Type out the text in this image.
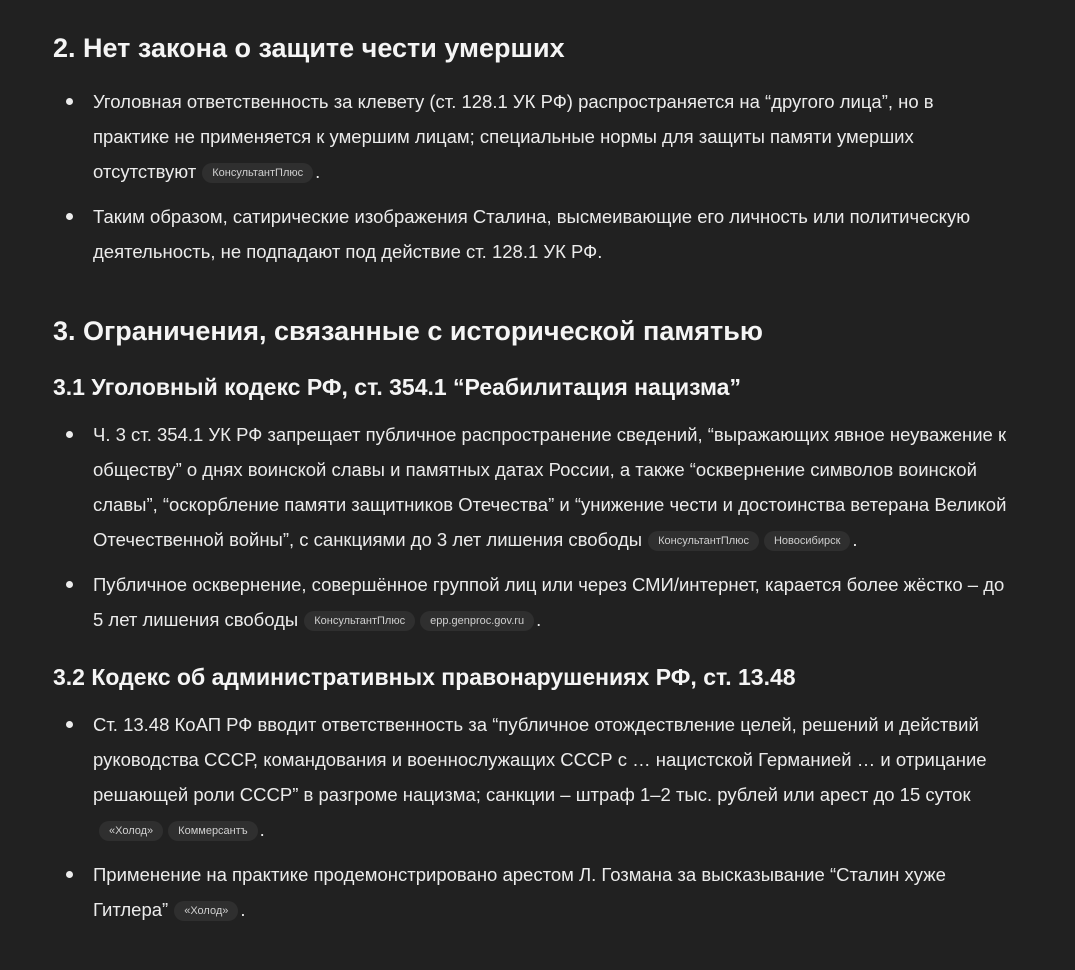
2. Нет закона о защите чести умерших
Уголовная ответственность за клевету (ст. 128.1 УК РФ) распространяется на “другого лица”, но в практике не применяется к умершим лицам; специальные нормы для защиты памяти умерших отсутствуют КонсультантПлюс .
Таким образом, сатирические изображения Сталина, высмеивающие его личность или политическую деятельность, не подпадают под действие ст. 128.1 УК РФ.
3. Ограничения, связанные с исторической памятью
3.1 Уголовный кодекс РФ, ст. 354.1 “Реабилитация нацизма”
Ч. 3 ст. 354.1 УК РФ запрещает публичное распространение сведений, “выражающих явное неуважение к обществу” о днях воинской славы и памятных датах России, а также “осквернение символов воинской славы”, “оскорбление памяти защитников Отечества” и “унижение чести и достоинства ветерана Великой Отечественной войны”, с санкциями до 3 лет лишения свободы КонсультантПлюс Новосибирск .
Публичное осквернение, совершённое группой лиц или через СМИ/интернет, карается более жёстко – до 5 лет лишения свободы КонсультантПлюс epp.genproc.gov.ru .
3.2 Кодекс об административных правонарушениях РФ, ст. 13.48
Ст. 13.48 КоАП РФ вводит ответственность за “публичное отождествление целей, решений и действий руководства СССР, командования и военнослужащих СССР с … нацистской Германией … и отрицание решающей роли СССР” в разгроме нацизма; санкции – штраф 1–2 тыс. рублей или арест до 15 суток«Холод» Коммерсантъ .
Применение на практике продемонстрировано арестом Л. Гозмана за высказывание “Сталин хуже Гитлера” «Холод» .
